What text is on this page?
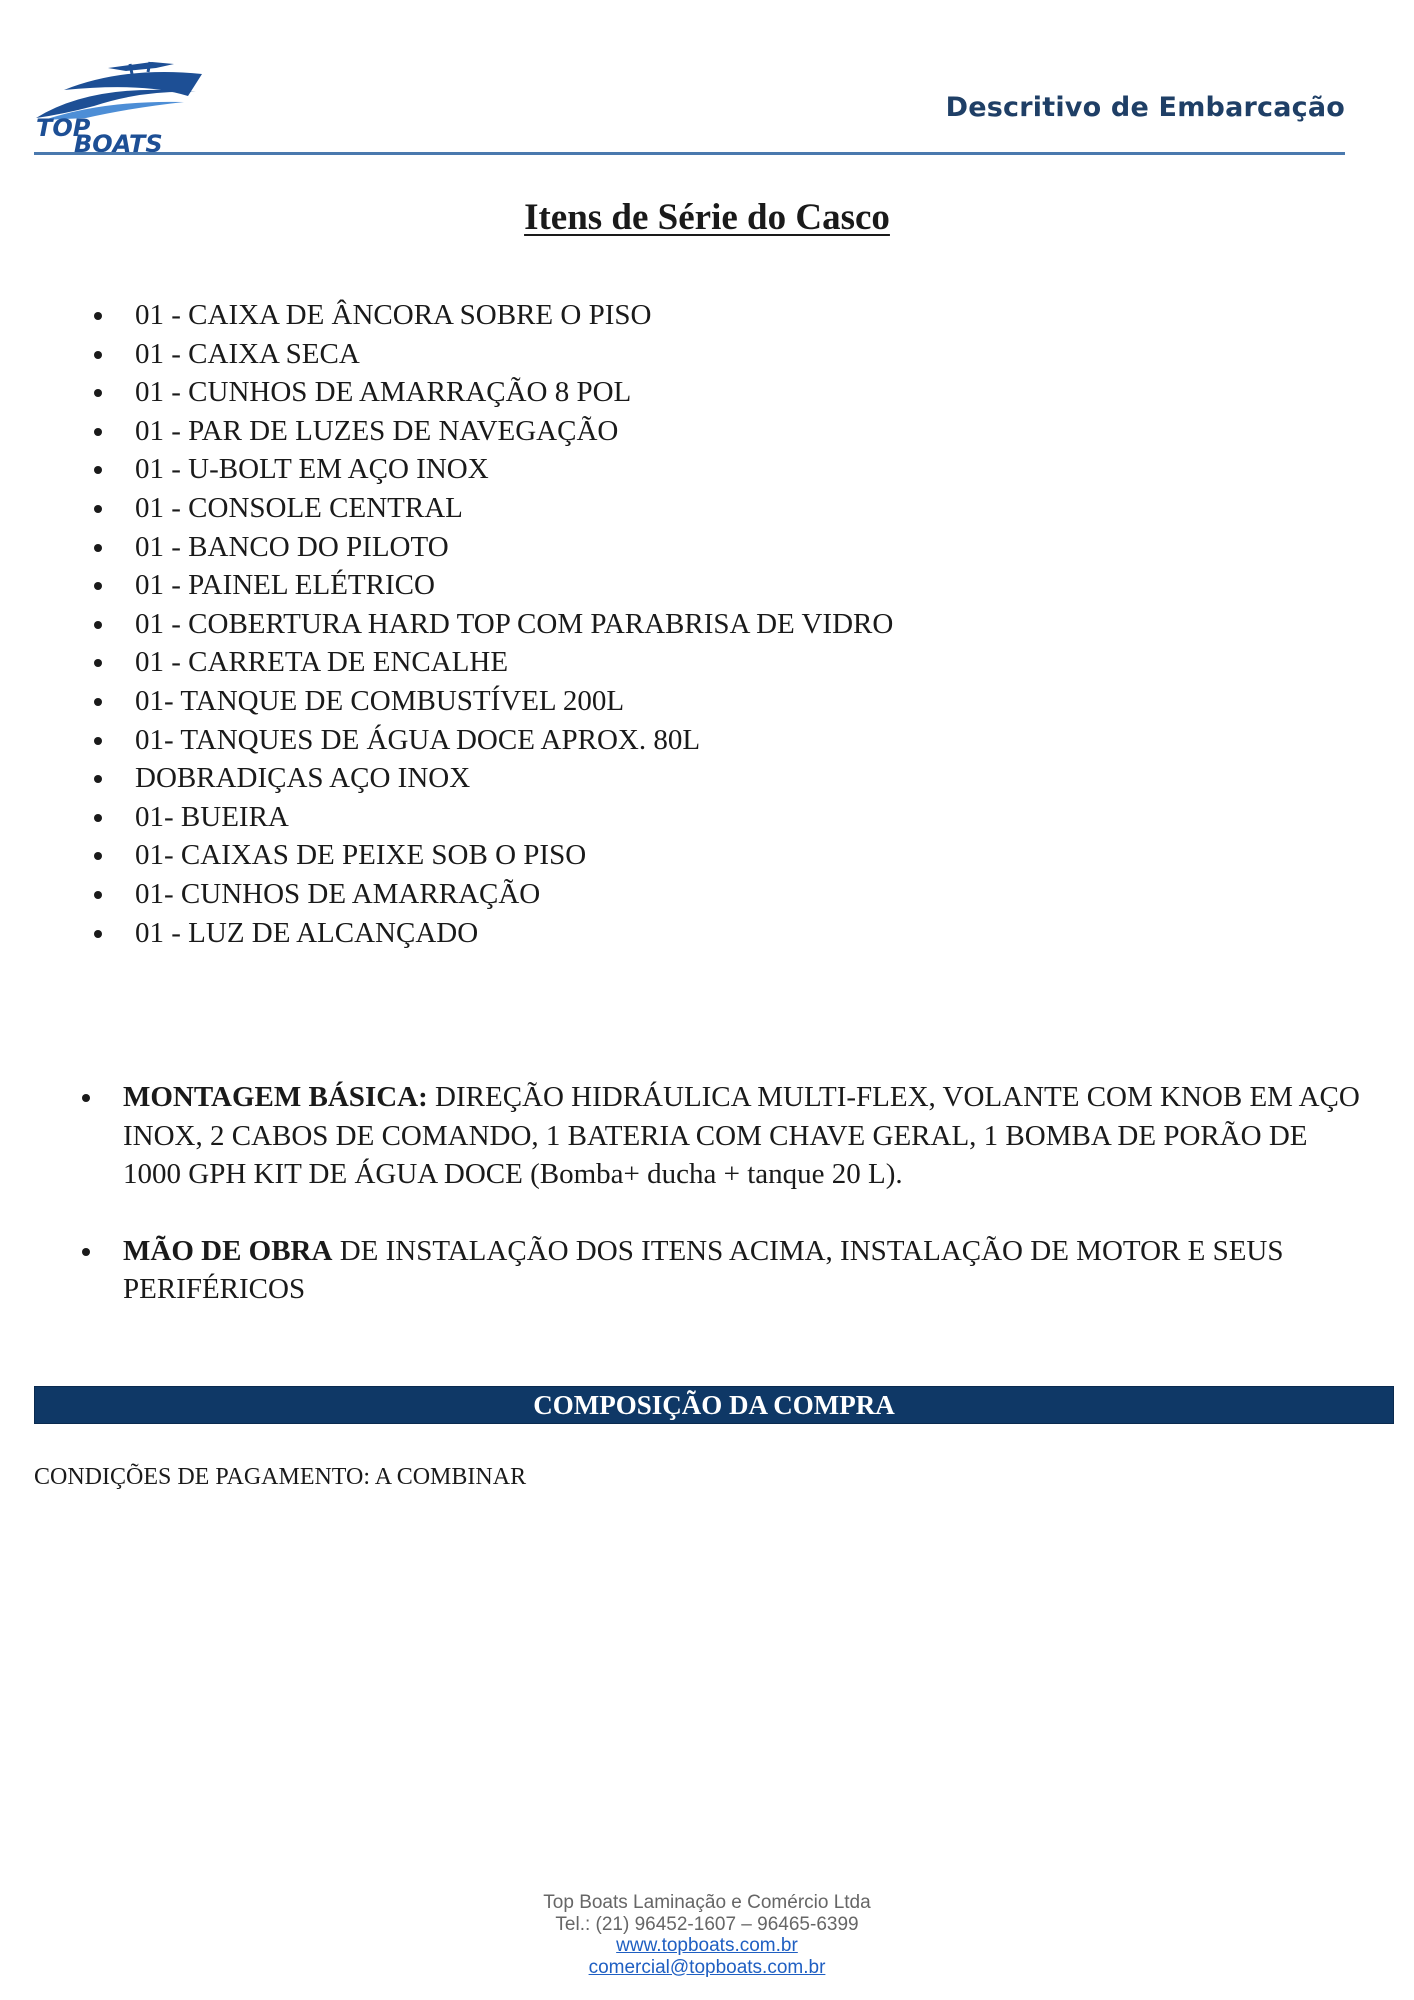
TOP
BOATS
Descritivo de Embarcação
Itens de Série do Casco
01 - CAIXA DE ÂNCORA SOBRE O PISO
01 - CAIXA SECA
01 - CUNHOS DE AMARRAÇÃO 8 POL
01 - PAR DE LUZES DE NAVEGAÇÃO
01 - U-BOLT EM AÇO INOX
01 - CONSOLE CENTRAL
01 - BANCO DO PILOTO
01 - PAINEL ELÉTRICO
01 - COBERTURA HARD TOP COM PARABRISA DE VIDRO
01 - CARRETA DE ENCALHE
01- TANQUE DE COMBUSTÍVEL 200L
01- TANQUES DE ÁGUA DOCE APROX. 80L
DOBRADIÇAS AÇO INOX
01- BUEIRA
01- CAIXAS DE PEIXE SOB O PISO
01- CUNHOS DE AMARRAÇÃO
01 - LUZ DE ALCANÇADO
MONTAGEM BÁSICA: DIREÇÃO HIDRÁULICA MULTI-FLEX, VOLANTE COM KNOB EM AÇO INOX, 2 CABOS DE COMANDO, 1 BATERIA COM CHAVE GERAL, 1 BOMBA DE PORÃO DE 1000 GPH KIT DE ÁGUA DOCE (Bomba+ ducha + tanque 20 L).
MÃO DE OBRA DE INSTALAÇÃO DOS ITENS ACIMA, INSTALAÇÃO DE MOTOR E SEUS PERIFÉRICOS
COMPOSIÇÃO DA COMPRA
CONDIÇÕES DE PAGAMENTO: A COMBINAR
Top Boats Laminação e Comércio Ltda
Tel.: (21) 96452-1607 – 96465-6399
www.topboats.com.br
comercial@topboats.com.br
